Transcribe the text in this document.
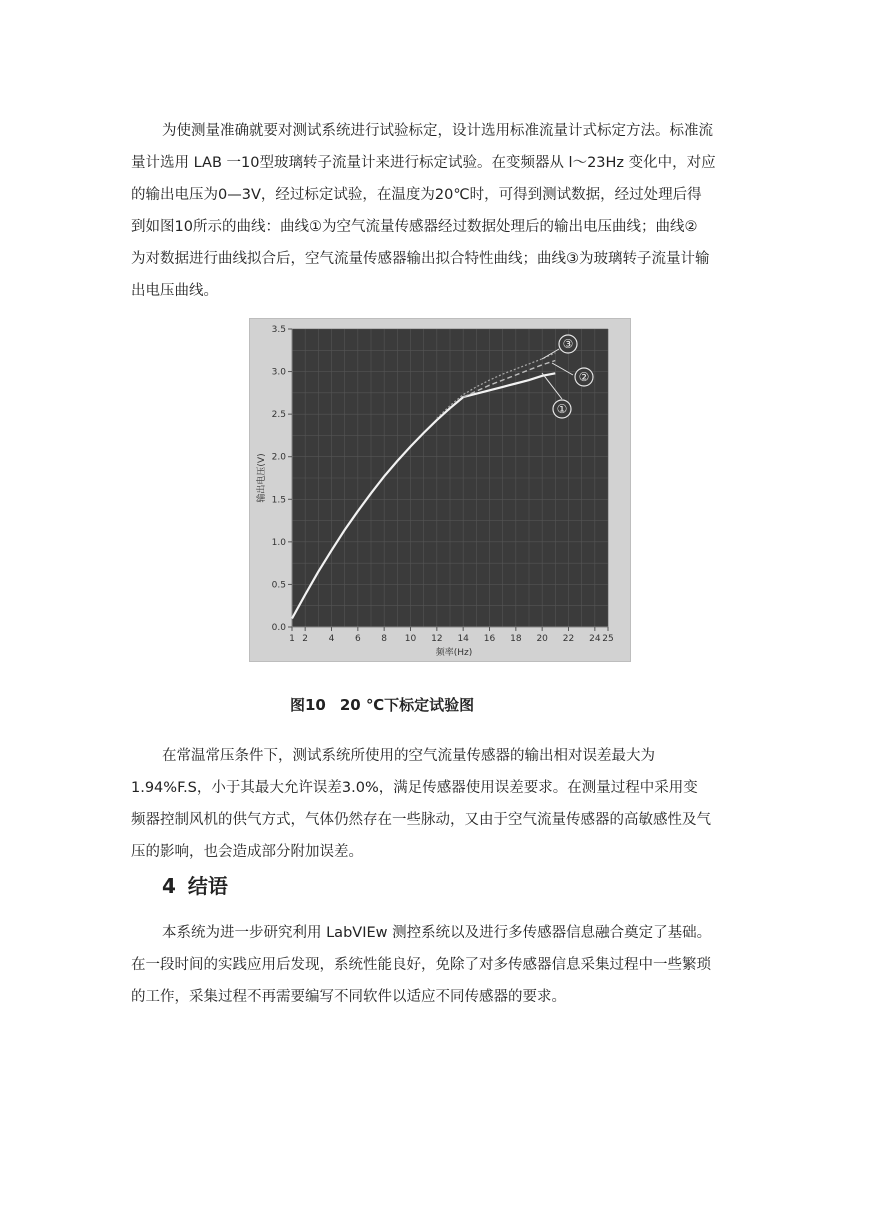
为使测量准确就要对测试系统进行试验标定，设计选用标准流量计式标定方法。标准流
量计选用 LAB 一10型玻璃转子流量计来进行标定试验。在变频器从 l～23Hz 变化中，对应
的输出电压为0—3V，经过标定试验，在温度为20℃时，可得到测试数据，经过处理后得
到如图10所示的曲线：曲线①为空气流量传感器经过数据处理后的输出电压曲线；曲线②
为对数据进行曲线拟合后，空气流量传感器输出拟合特性曲线；曲线③为玻璃转子流量计输
出电压曲线。
0.0
0.5
1.0
1.5
2.0
2.5
3.0
3.5
1 2 4 6 8 10 12 14 16 18 20 22 24 25
频率(Hz)
输出电压(V)
①
②
③

图10 20 ℃下标定试验图

在常温常压条件下，测试系统所使用的空气流量传感器的输出相对误差最大为
1.94%F.S，小于其最大允许误差3.0%，满足传感器使用误差要求。在测量过程中采用变
频器控制风机的供气方式，气体仍然存在一些脉动，又由于空气流量传感器的高敏感性及气
压的影响，也会造成部分附加误差。
4 结语
本系统为进一步研究利用 LabVIEw 测控系统以及进行多传感器信息融合奠定了基础。
在一段时间的实践应用后发现，系统性能良好，免除了对多传感器信息采集过程中一些繁琐
的工作，采集过程不再需要编写不同软件以适应不同传感器的要求。
